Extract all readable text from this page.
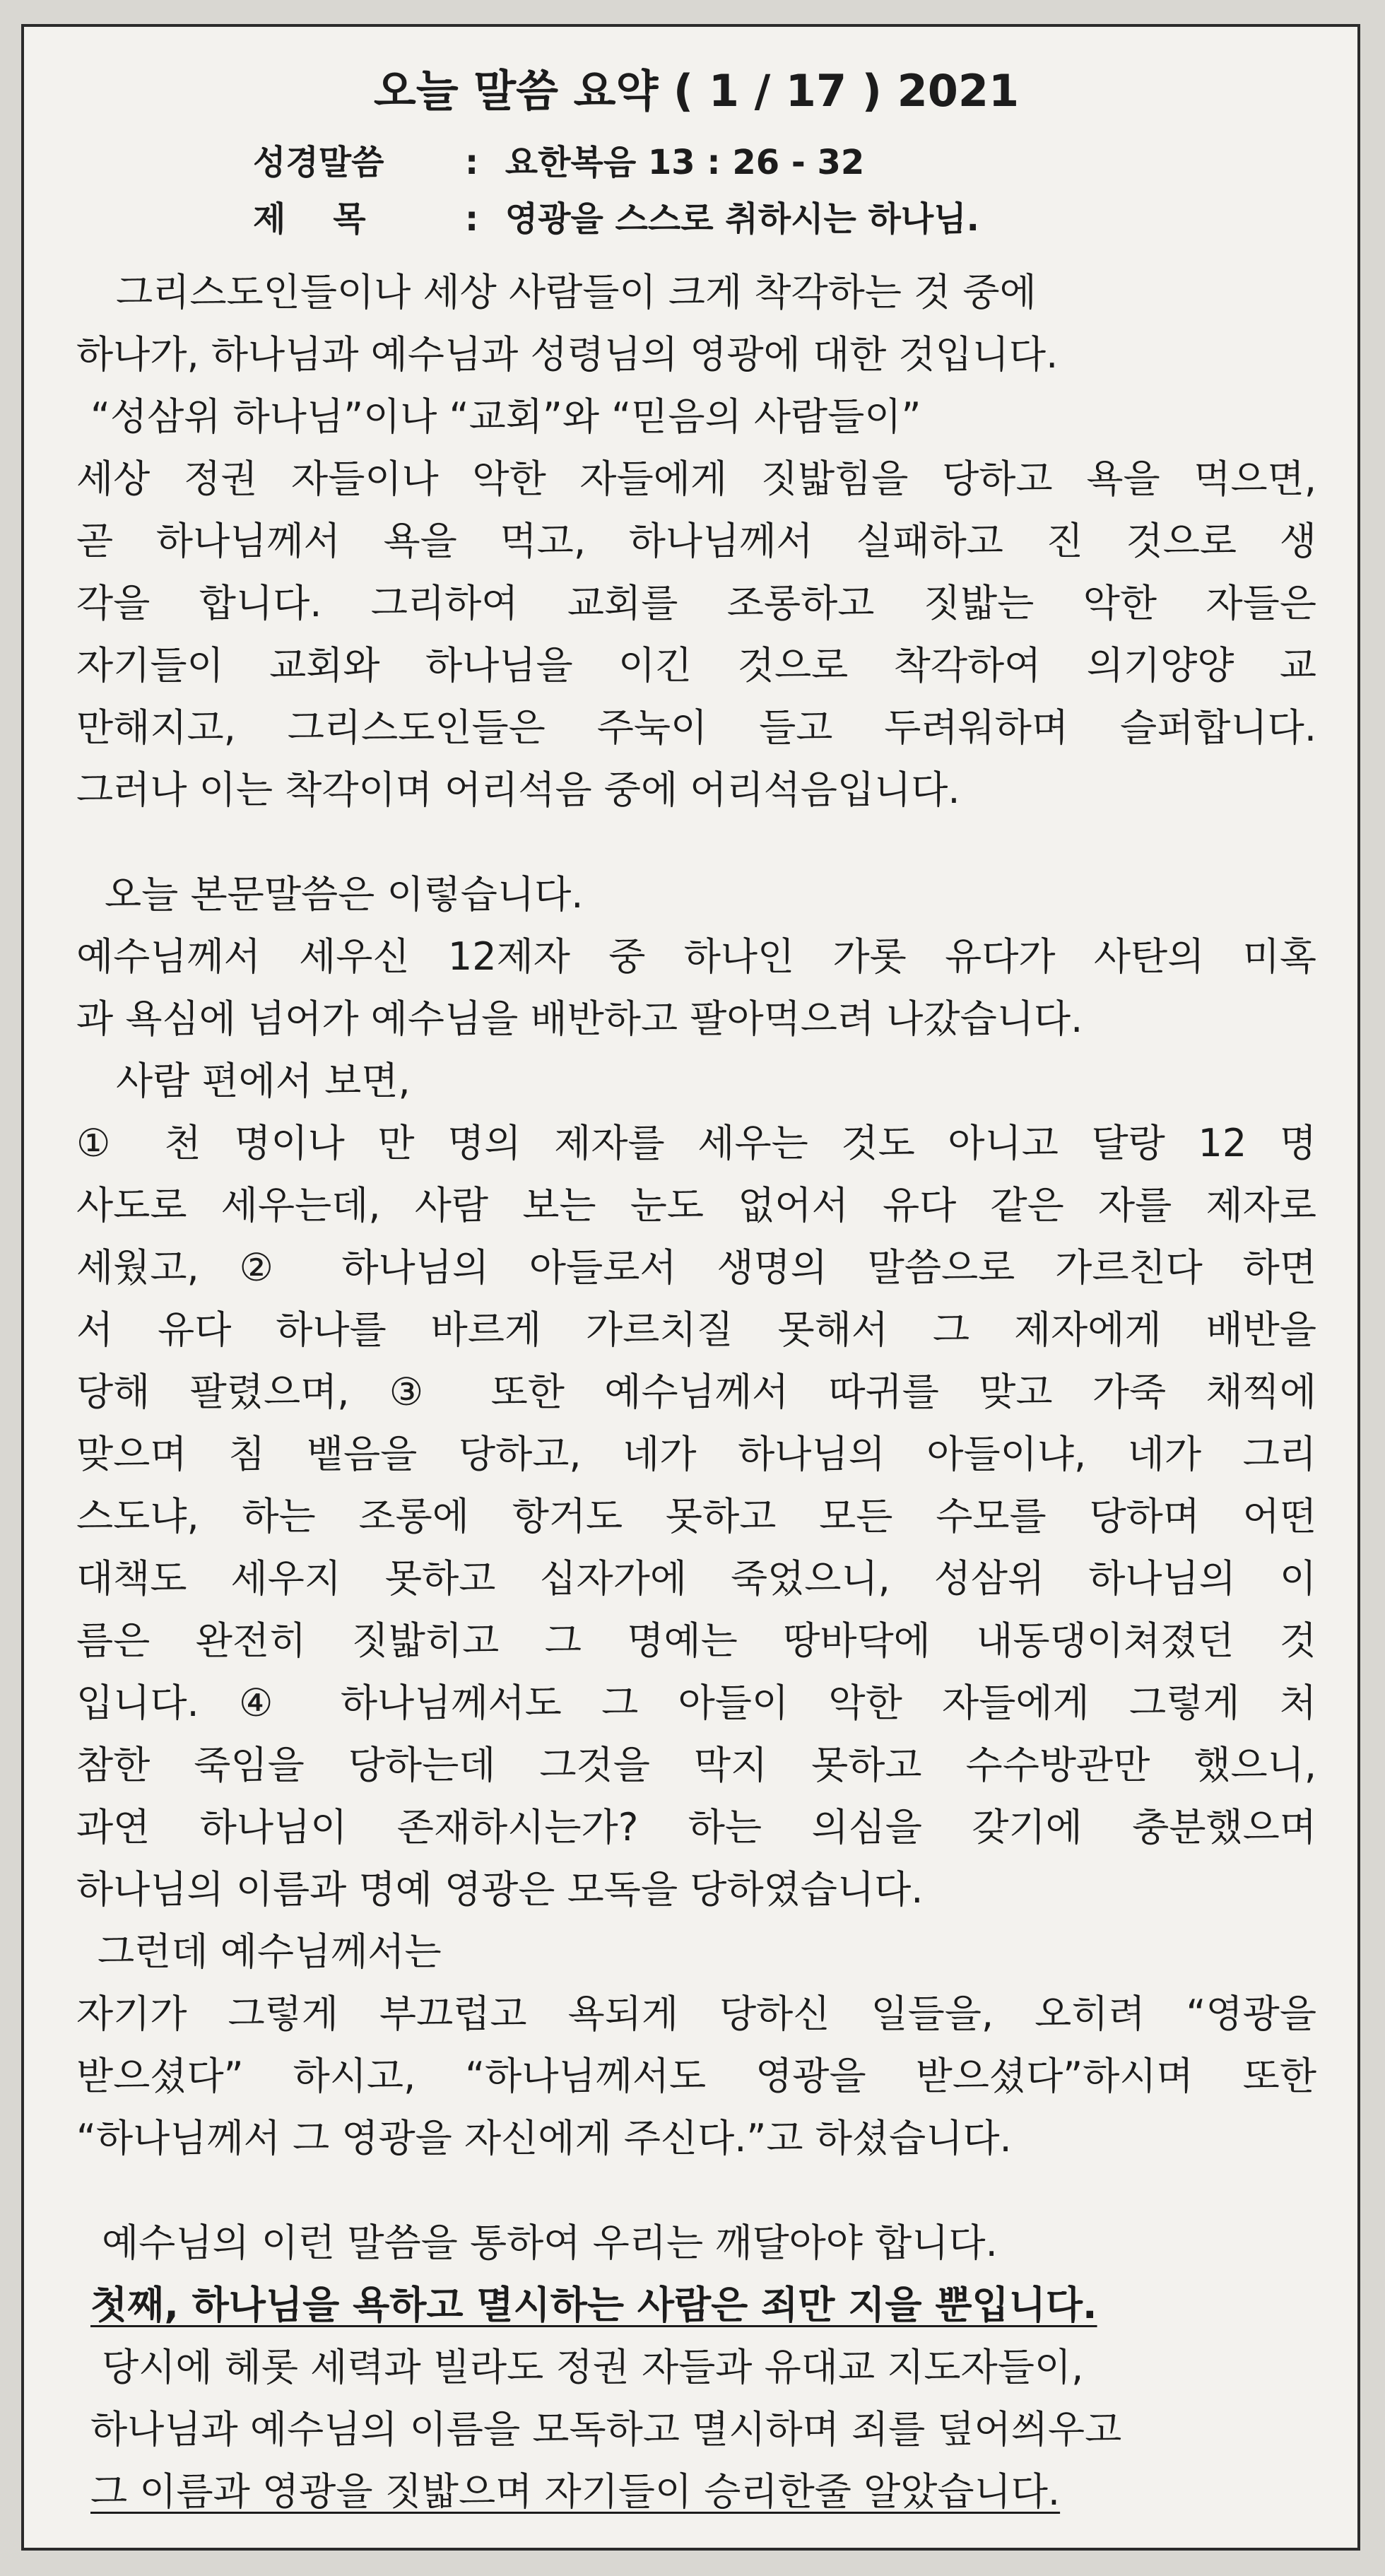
오늘 말씀 요약 ( 1 / 17 ) 2021
성경말씀 : 요한복음 13 : 26 - 32
제    목	: 영광을 스스로 취하시는 하나님.
그리스도인들이나 세상 사람들이 크게 착각하는 것 중에
하나가, 하나님과 예수님과 성령님의 영광에 대한 것입니다.
“성삼위 하나님”이나 “교회”와 “믿음의 사람들이”
세상 정권 자들이나 악한 자들에게 짓밟힘을 당하고 욕을 먹으면,
곧 하나님께서 욕을 먹고, 하나님께서 실패하고 진 것으로 생
각을 합니다. 그리하여 교회를 조롱하고 짓밟는 악한 자들은
자기들이 교회와 하나님을 이긴 것으로 착각하여 의기양양 교
만해지고, 그리스도인들은 주눅이 들고 두려워하며 슬퍼합니다.
그러나 이는 착각이며 어리석음 중에 어리석음입니다.
오늘 본문말씀은 이렇습니다.
예수님께서 세우신 12제자 중 하나인 가롯 유다가 사탄의 미혹
과 욕심에 넘어가 예수님을 배반하고 팔아먹으려 나갔습니다.
사람 편에서 보면,
① 천 명이나 만 명의 제자를 세우는 것도 아니고 달랑 12 명
사도로 세우는데, 사람 보는 눈도 없어서 유다 같은 자를 제자로
세웠고, ② 하나님의 아들로서 생명의 말씀으로 가르친다 하면
서 유다 하나를 바르게 가르치질 못해서 그 제자에게 배반을
당해 팔렸으며, ③ 또한 예수님께서 따귀를 맞고 가죽 채찍에
맞으며 침 뱉음을 당하고, 네가 하나님의 아들이냐, 네가 그리
스도냐, 하는 조롱에 항거도 못하고 모든 수모를 당하며 어떤
대책도 세우지 못하고 십자가에 죽었으니, 성삼위 하나님의 이
름은 완전히 짓밟히고 그 명예는 땅바닥에 내동댕이쳐졌던 것
입니다. ④ 하나님께서도 그 아들이 악한 자들에게 그렇게 처
참한 죽임을 당하는데 그것을 막지 못하고 수수방관만 했으니,
과연 하나님이 존재하시는가? 하는 의심을 갖기에 충분했으며
하나님의 이름과 명예 영광은 모독을 당하였습니다.
그런데 예수님께서는
자기가 그렇게 부끄럽고 욕되게 당하신 일들을, 오히려 “영광을
받으셨다” 하시고, “하나님께서도 영광을 받으셨다”하시며 또한
“하나님께서 그 영광을 자신에게 주신다.”고 하셨습니다.
예수님의 이런 말씀을 통하여 우리는 깨달아야 합니다.
첫째, 하나님을 욕하고 멸시하는 사람은 죄만 지을 뿐입니다.
당시에 헤롯 세력과 빌라도 정권 자들과 유대교 지도자들이,
하나님과 예수님의 이름을 모독하고 멸시하며 죄를 덮어씌우고
그 이름과 영광을 짓밟으며 자기들이 승리한줄 알았습니다.
